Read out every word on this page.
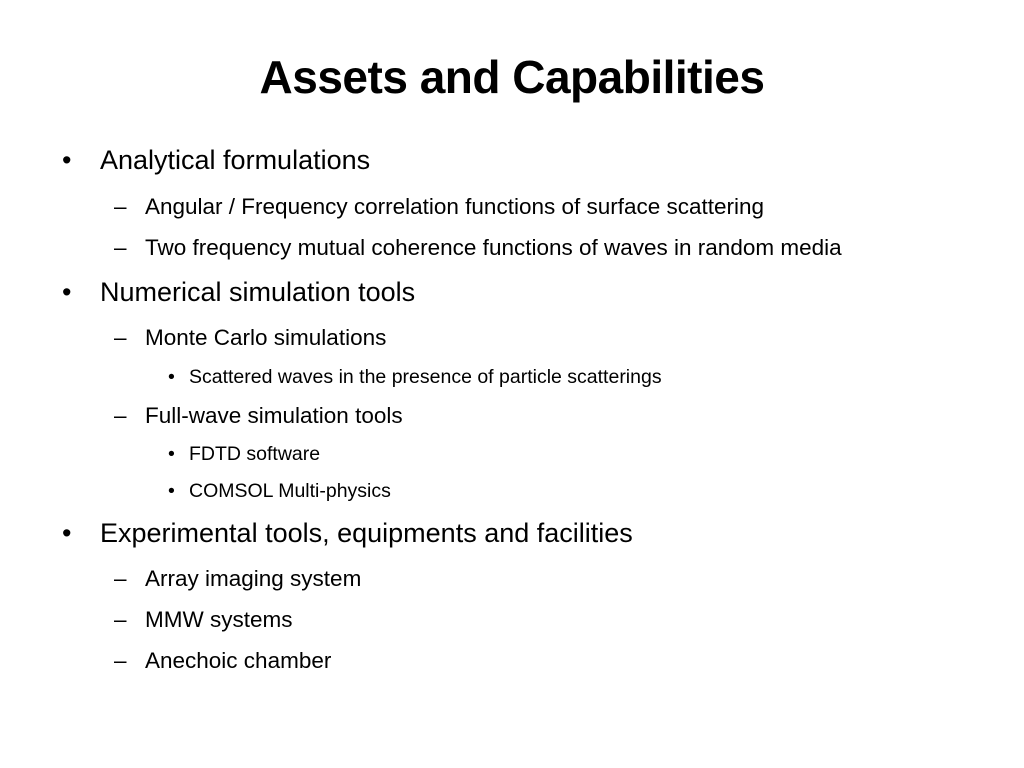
Assets and Capabilities
•	Analytical formulations
– Angular / Frequency correlation functions of surface scattering
– Two frequency mutual coherence functions of waves in random media
•	Numerical simulation tools
– Monte Carlo simulations
• Scattered waves in the presence of particle scatterings
– Full-wave simulation tools
• FDTD software
• COMSOL Multi-physics
•	Experimental tools, equipments and facilities
– Array imaging system
– MMW systems
– Anechoic chamber
